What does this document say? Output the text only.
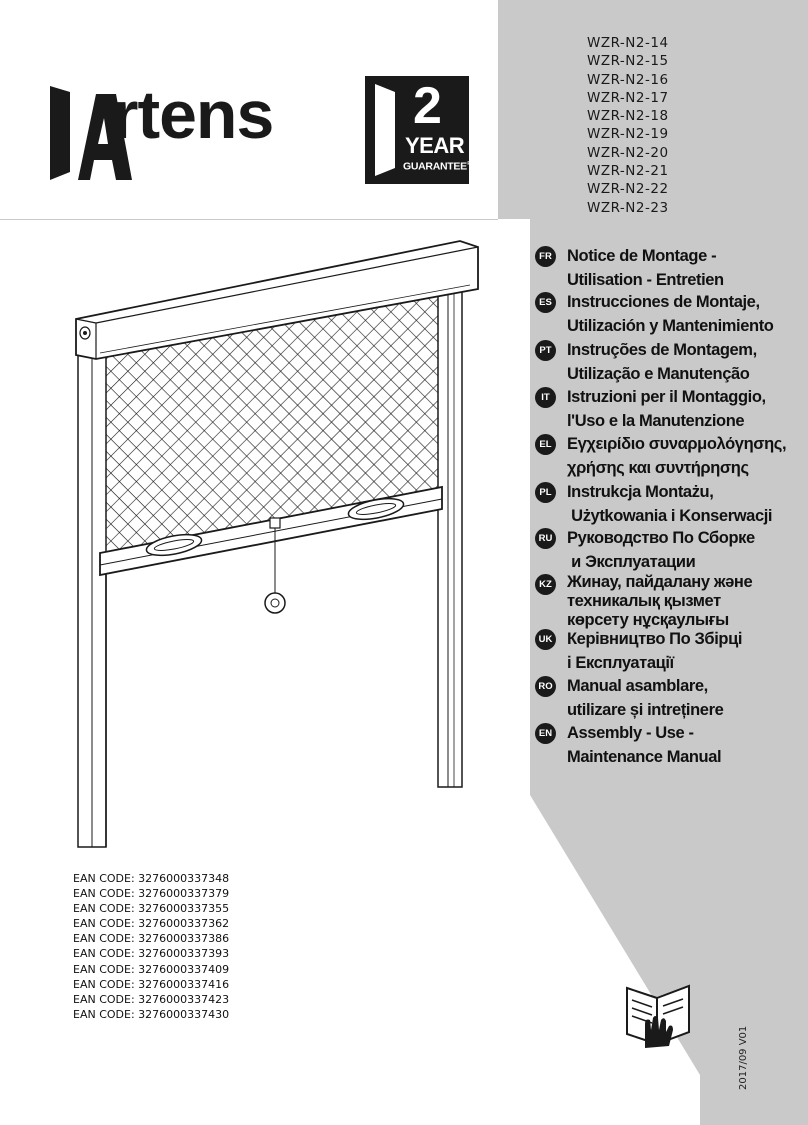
WZR-N2-14
WZR-N2-15
WZR-N2-16
WZR-N2-17
WZR-N2-18
WZR-N2-19
WZR-N2-20
WZR-N2-21
WZR-N2-22
WZR-N2-23
rtens	2
YEAR
GUARANTEE®
FR Notice de Montage -
Utilisation - Entretien
ES Instrucciones de Montaje,
Utilización y Mantenimiento
PT Instruções de Montagem,
Utilização e Manutenção
IT	Istruzioni per il Montaggio,
l'Uso e la Manutenzione
EL Εγχειρίδιο συναρμολόγησης,
χρήσης και συντήρησης
PL Instrukcja Montażu,
Użytkowania i Konserwacji
RU Руководство По Сборке
и Эксплуатации
KZ Жинау, пайдалану және
техникалық қызмет
көрсету нұсқаулығы
UK Керівництво По Збірці
і Експлуатації
RO Manual asamblare,
utilizare și intreținere
EN Assembly - Use -
Maintenance Manual
EAN CODE: 3276000337348
EAN CODE: 3276000337379
EAN CODE: 3276000337355
EAN CODE: 3276000337362
EAN CODE: 3276000337386
EAN CODE: 3276000337393
EAN CODE: 3276000337409
EAN CODE: 3276000337416
EAN CODE: 3276000337423
EAN CODE: 3276000337430
2017/09 V01
